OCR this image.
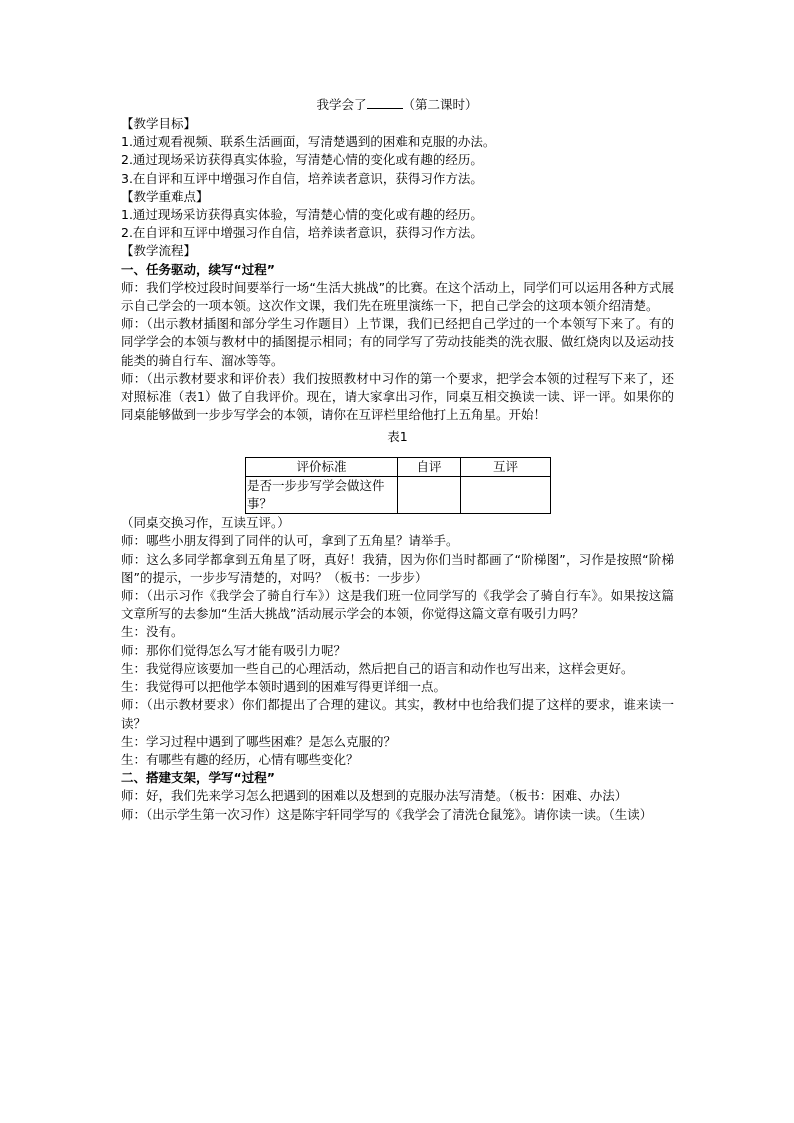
我学会了	（第二课时）

【教学目标】

1.通过观看视频、联系生活画面，写清楚遇到的困难和克服的办法。

2.通过现场采访获得真实体验，写清楚心情的变化或有趣的经历。

3.在自评和互评中增强习作自信，培养读者意识，获得习作方法。

【教学重难点】

1.通过现场采访获得真实体验，写清楚心情的变化或有趣的经历。

2.在自评和互评中增强习作自信，培养读者意识，获得习作方法。

【教学流程】

一、任务驱动，续写“过程”

师：我们学校过段时间要举行一场“生活大挑战”的比赛。在这个活动上，同学们可以运用各种方式展示自己学会的一项本领。这次作文课，我们先在班里演练一下，把自己学会的这项本领介绍清楚。

师：（出示教材插图和部分学生习作题目）上节课，我们已经把自己学过的一个本领写下来了。有的同学学会的本领与教材中的插图提示相同；有的同学写了劳动技能类的洗衣服、做红烧肉以及运动技能类的骑自行车、溜冰等等。

师：（出示教材要求和评价表）我们按照教材中习作的第一个要求，把学会本领的过程写下来了，还对照标准（表1）做了自我评价。现在，请大家拿出习作，同桌互相交换读一读、评一评。如果你的同桌能够做到一步步写学会的本领，请你在互评栏里给他打上五角星。开始！

表1

评价标准	自评	互评
是否一步步写学会做这件事？		

（同桌交换习作，互读互评。）

师：哪些小朋友得到了同伴的认可，拿到了五角星？请举手。

师：这么多同学都拿到五角星了呀，真好！我猜，因为你们当时都画了“阶梯图”，习作是按照“阶梯图”的提示，一步步写清楚的，对吗？（板书：一步步）

师：（出示习作《我学会了骑自行车》）这是我们班一位同学写的《我学会了骑自行车》。如果按这篇文章所写的去参加“生活大挑战”活动展示学会的本领，你觉得这篇文章有吸引力吗？

生：没有。

师：那你们觉得怎么写才能有吸引力呢？

生：我觉得应该要加一些自己的心理活动，然后把自己的语言和动作也写出来，这样会更好。

生：我觉得可以把他学本领时遇到的困难写得更详细一点。

师：（出示教材要求）你们都提出了合理的建议。其实，教材中也给我们提了这样的要求，谁来读一读？

生：学习过程中遇到了哪些困难？是怎么克服的？

生：有哪些有趣的经历，心情有哪些变化？

二、搭建支架，学写“过程”

师：好，我们先来学习怎么把遇到的困难以及想到的克服办法写清楚。（板书：困难、办法）

师：（出示学生第一次习作）这是陈宇轩同学写的《我学会了清洗仓鼠笼》。请你读一读。（生读）
